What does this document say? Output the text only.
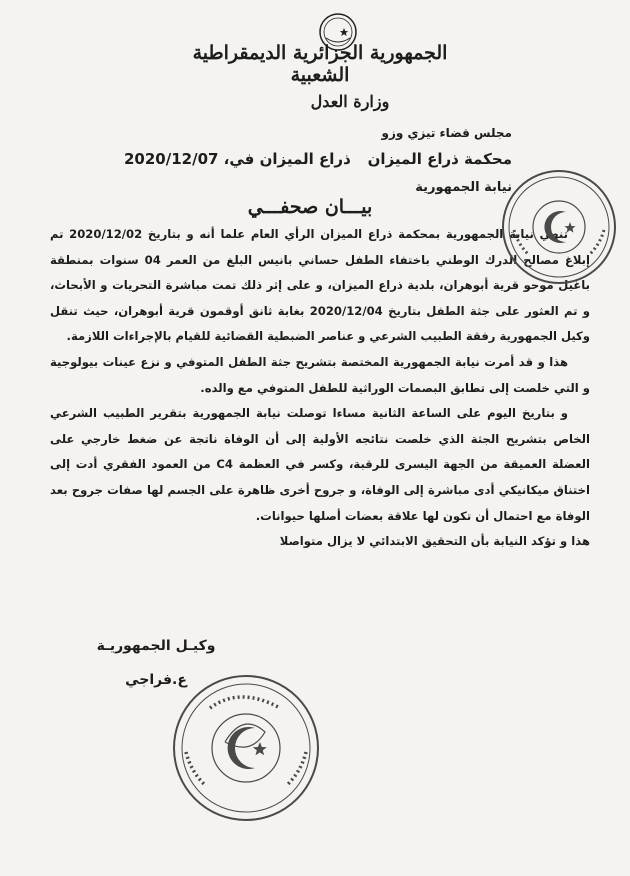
الجمهورية الجزائرية الديمقراطية الشعبية
وزارة العدل
مجلس قضاء تيزي وزو
محكمة ذراع الميزان
نيابة الجمهورية
ذراع الميزان في، 2020/12/07
بيـــان صحفـــي

تنهي نيابة الجمهورية بمحكمة ذراع الميزان الرأي العام علما أنه و بتاريخ 2020/12/02 تم إبلاغ مصالح الدرك الوطني باختفاء الطفل حساني بانيس البلغ من العمر 04 سنوات بمنطقة باغيل موحو قرية أبوهران، بلدية ذراع الميزان، و على إثر ذلك تمت مباشرة التحريات و الأبحاث، و تم العثور على جثة الطفل بتاريخ 2020/12/04 بغابة ثانق أوقمون قرية أبوهران، حيث تنقل وكيل الجمهورية رفقة الطبيب الشرعي و عناصر الضبطية القضائية للقيام بالإجراءات اللازمة.

هذا و قد أمرت نيابة الجمهورية المختصة بتشريح جثة الطفل المتوفي و نزع عينات بيولوجية و التي خلصت إلى تطابق البصمات الوراثية للطفل المتوفي مع والده.

و بتاريخ اليوم على الساعة الثانية مساءا توصلت نيابة الجمهورية بتقرير الطبيب الشرعي الخاص بتشريح الجثة الذي خلصت نتائجه الأولية إلى أن الوفاة ناتجة عن ضغط خارجي على العضلة العميقة من الجهة اليسرى للرقبة، وكسر في العظمة C4 من العمود الفقري أدت إلى اختناق ميكانيكي أدى مباشرة إلى الوفاة، و جروح أخرى ظاهرة على الجسم لها صفات جروح بعد الوفاة مع احتمال أن تكون لها علاقة بعضات أصلها حيوانات.

هذا و تؤكد النيابة بأن التحقيق الابتدائي لا يزال متواصلا

وكيـل الجمهوريـة
ع.فراجي
